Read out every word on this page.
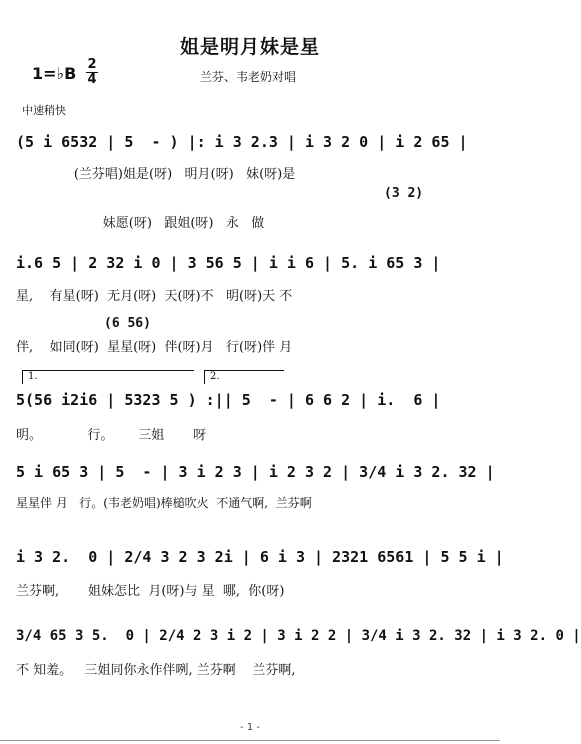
姐是明月妹是星
1=♭B 2
4	兰芬、韦老奶对唱
中速稍快
(5 i 6532 | 5  - ) |: i 3 2.3 | i 3 2 0 | i 2 65 |
(兰芬唱)姐是(呀)   明月(呀)   妹(呀)是
(3 2)
妹愿(呀)   跟姐(呀)   永   做
i.6 5 | 2 32 i 0 | 3 56 5 | i i 6 | 5. i 65 3 |
星,    有星(呀)  无月(呀)  天(呀)不   明(呀)天 不
(6 56)
伴,    如同(呀)  星星(呀)  伴(呀)月   行(呀)伴 月
1.	2.
5(56 i2i6 | 5323 5 ) :|| 5  - | 6 6 2 | i.  6 |
明。           行。      三姐       呀
5 i 65 3 | 5  - | 3 i 2 3 | i 2 3 2 | 3/4 i 3 2. 32 |
星星伴 月   行。(韦老奶唱)棒槌吹火  不通气啊,  兰芬啊
i 3 2.  0 | 2/4 3 2 3 2i | 6 i 3 | 2321 6561 | 5 5 i |
兰芬啊,       姐妹怎比  月(呀)与 星  哪,  你(呀)
3/4 65 3 5.  0 | 2/4 2 3 i 2 | 3 i 2 2 | 3/4 i 3 2. 32 | i 3 2. 0 |
不 知羞。   三姐同你永作伴咧, 兰芬啊    兰芬啊,
- 1 -
